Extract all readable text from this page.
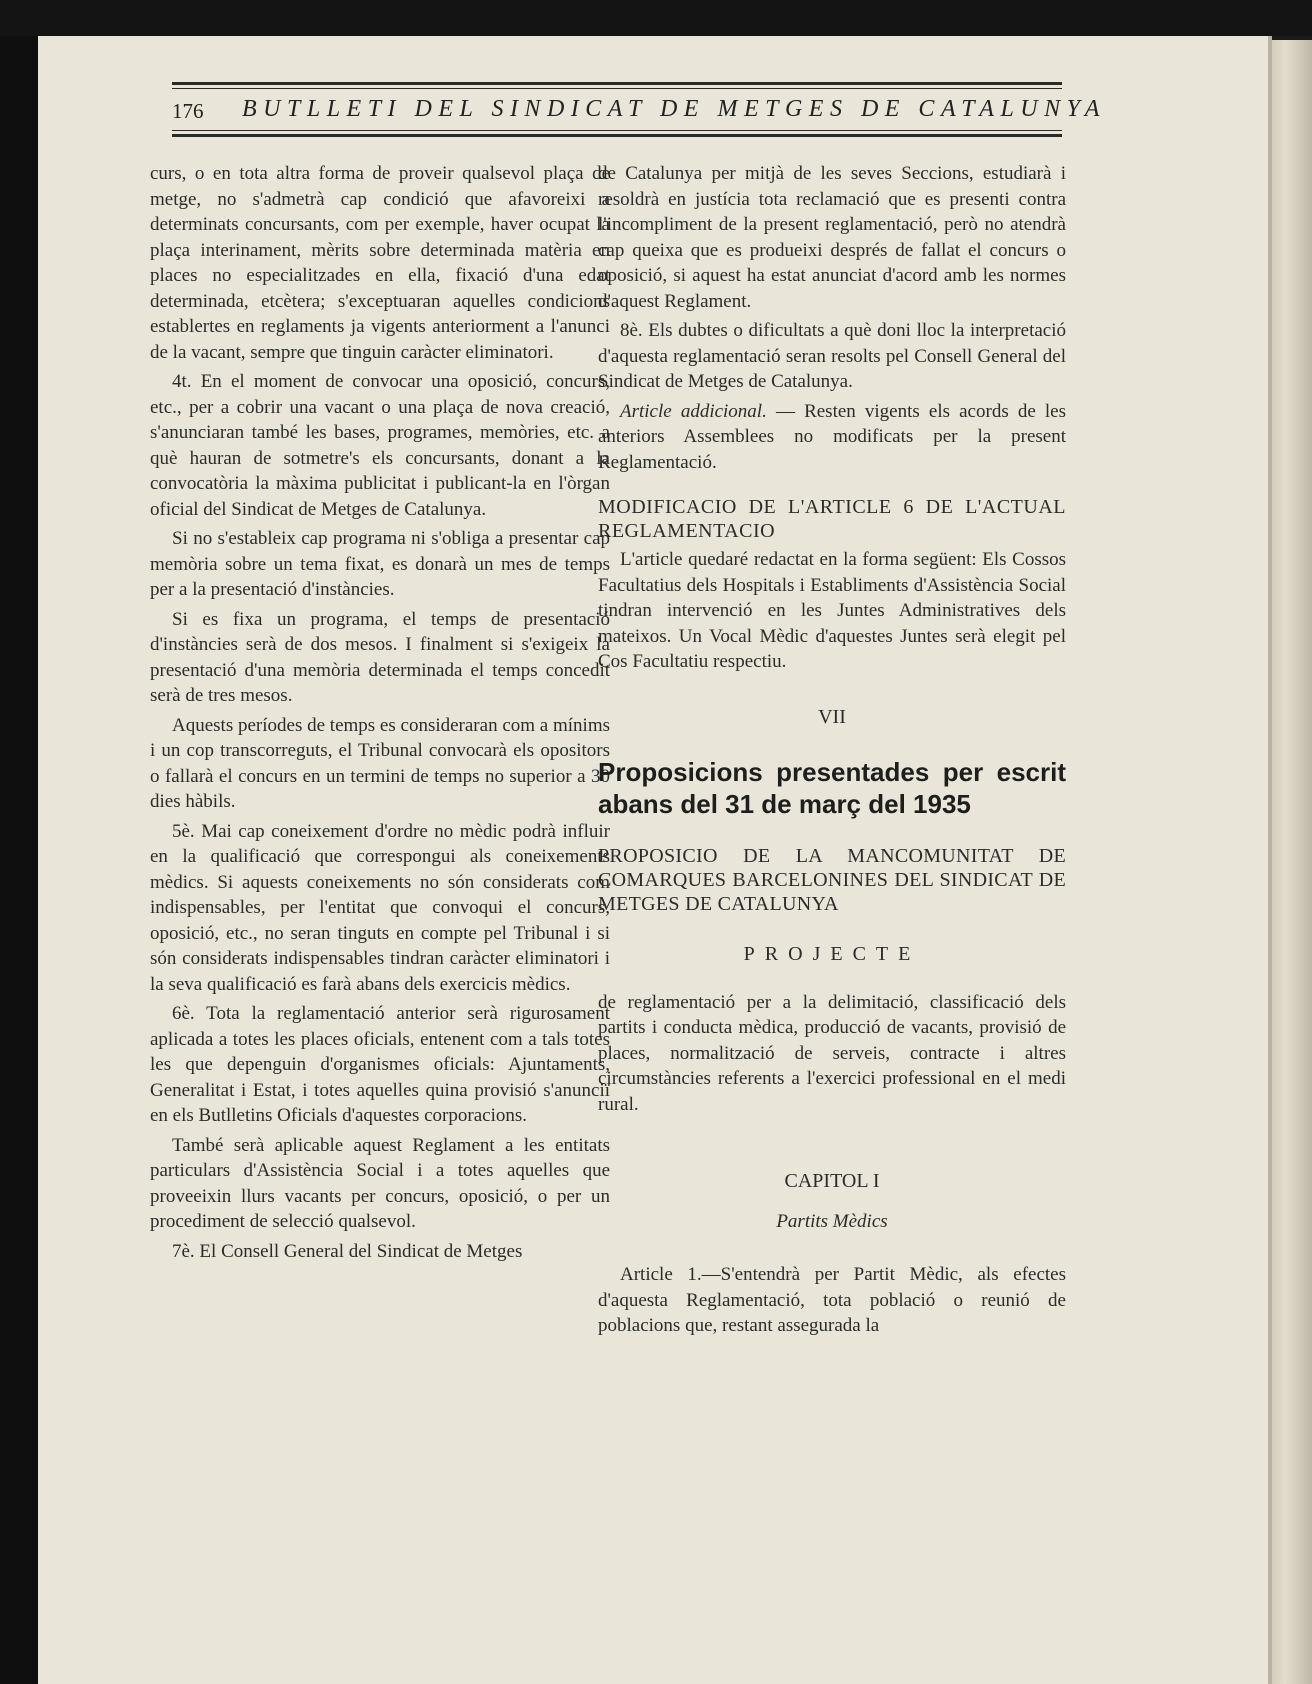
176 BUTLLETI DEL SINDICAT DE METGES DE CATALUNYA

curs, o en tota altra forma de proveir qualsevol plaça de metge, no s'admetrà cap condició que afavoreixi a determinats concursants, com per exemple, haver ocupat la plaça interinament, mèrits sobre determinada matèria en places no especialitzades en ella, fixació d'una edat determinada, etcètera; s'exceptuaran aquelles condicions establertes en reglaments ja vigents anteriorment a l'anunci de la vacant, sempre que tinguin caràcter eliminatori.

4t. En el moment de convocar una oposició, concurs, etc., per a cobrir una vacant o una plaça de nova creació, s'anunciaran també les bases, programes, memòries, etc. a què hauran de sotmetre's els concursants, donant a la convocatòria la màxima publicitat i publicant-la en l'òrgan oficial del Sindicat de Metges de Catalunya.

Si no s'estableix cap programa ni s'obliga a presentar cap memòria sobre un tema fixat, es donarà un mes de temps per a la presentació d'instàncies.

Si es fixa un programa, el temps de presentació d'instàncies serà de dos mesos. I finalment si s'exigeix la presentació d'una memòria determinada el temps concedit serà de tres mesos.

Aquests períodes de temps es consideraran com a mínims i un cop transcorreguts, el Tribunal convocarà els opositors o fallarà el concurs en un termini de temps no superior a 30 dies hàbils.

5è. Mai cap coneixement d'ordre no mèdic podrà influir en la qualificació que correspongui als coneixements mèdics. Si aquests coneixements no són considerats com indispensables, per l'entitat que convoqui el concurs, oposició, etc., no seran tinguts en compte pel Tribunal i si són considerats indispensables tindran caràcter eliminatori i la seva qualificació es farà abans dels exercicis mèdics.

6è. Tota la reglamentació anterior serà rigurosament aplicada a totes les places oficials, entenent com a tals totes les que depenguin d'organismes oficials: Ajuntaments, Generalitat i Estat, i totes aquelles quina provisió s'anunciï en els Butlletins Oficials d'aquestes corporacions.

També serà aplicable aquest Reglament a les entitats particulars d'Assistència Social i a totes aquelles que proveeixin llurs vacants per concurs, oposició, o per un procediment de selecció qualsevol.

7è. El Consell General del Sindicat de Metges

de Catalunya per mitjà de les seves Seccions, estudiarà i resoldrà en justícia tota reclamació que es presenti contra l'incompliment de la present reglamentació, però no atendrà cap queixa que es produeixi després de fallat el concurs o oposició, si aquest ha estat anunciat d'acord amb les normes d'aquest Reglament.

8è. Els dubtes o dificultats a què doni lloc la interpretació d'aquesta reglamentació seran resolts pel Consell General del Sindicat de Metges de Catalunya.

Article addicional. — Resten vigents els acords de les anteriors Assemblees no modificats per la present Reglamentació.

MODIFICACIO DE L'ARTICLE 6 DE L'ACTUAL REGLAMENTACIO

L'article quedaré redactat en la forma següent: Els Cossos Facultatius dels Hospitals i Establiments d'Assistència Social tindran intervenció en les Juntes Administratives dels mateixos. Un Vocal Mèdic d'aquestes Juntes serà elegit pel Cos Facultatiu respectiu.

VII

Proposicions presentades per escrit abans del 31 de març del 1935

PROPOSICIO DE LA MANCOMUNITAT DE COMARQUES BARCELONINES DEL SINDICAT DE METGES DE CATALUNYA

PROJECTE

de reglamentació per a la delimitació, classificació dels partits i conducta mèdica, producció de vacants, provisió de places, normalització de serveis, contracte i altres circumstàncies referents a l'exercici professional en el medi rural.

CAPITOL I

Partits Mèdics

Article 1.—S'entendrà per Partit Mèdic, als efectes d'aquesta Reglamentació, tota població o reunió de poblacions que, restant assegurada la
